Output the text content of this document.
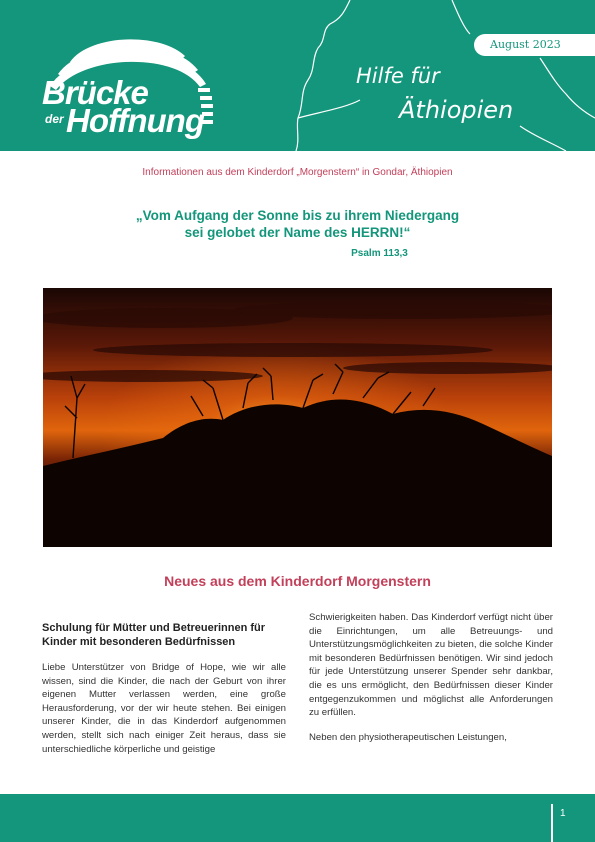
Brücke
der Hoffnung
August 2023
Hilfe für
Äthiopien
Informationen aus dem Kinderdorf „Morgenstern“ in Gondar, Äthiopien
„Vom Aufgang der Sonne bis zu ihrem Niedergang
sei gelobet der Name des HERRN!“
Psalm 113,3
Neues aus dem Kinderdorf Morgenstern
Schulung für Mütter und Betreuerinnen für Kinder mit besonderen Bedürfnissen

Liebe Unterstützer von Bridge of Hope, wie wir alle wissen, sind die Kinder, die nach der Geburt von ihrer eigenen Mutter verlassen werden, eine große Herausforderung, vor der wir heute stehen. Bei einigen unserer Kinder, die in das Kinderdorf aufgenommen werden, stellt sich nach einiger Zeit heraus, dass sie unterschiedliche körperliche und geistige

Schwierigkeiten haben. Das Kinderdorf verfügt nicht über die Einrichtungen, um alle Betreuungs- und Unterstützungsmöglichkeiten zu bieten, die solche Kinder mit besonderen Bedürfnissen benötigen. Wir sind jedoch für jede Unterstützung unserer Spender sehr dankbar, die es uns ermöglicht, den Bedürfnissen dieser Kinder entgegenzukommen und möglichst alle Anforderungen zu erfüllen.

Neben den physiotherapeutischen Leistungen,

1
